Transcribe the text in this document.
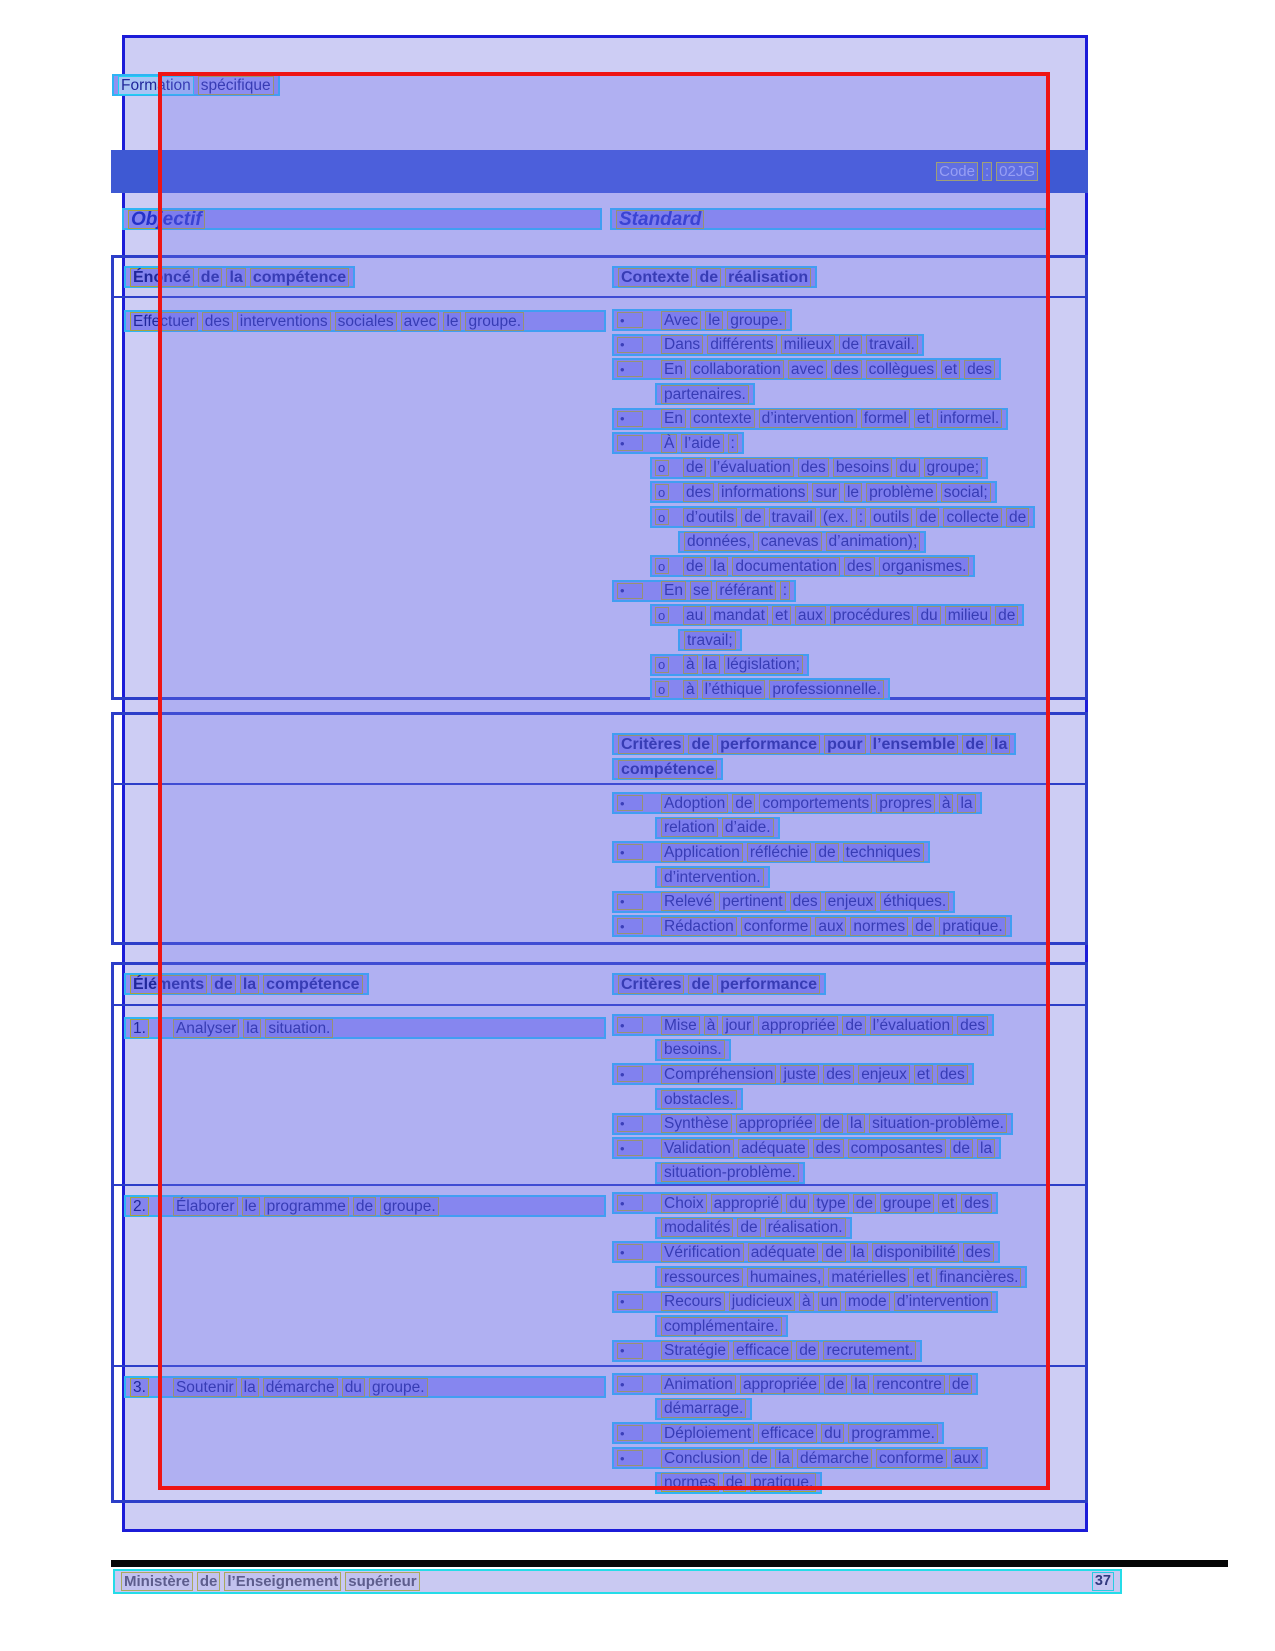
Formation spécifique
Code : 02JG
Objectif	Standard
Énoncé de la compétence	Contexte de réalisation
Effectuer des interventions sociales avec le groupe.	•	Avec le groupe.
•	Dans différents milieux de travail.
•	En collaboration avec des collègues et des
partenaires.
•	En contexte d’intervention formel et informel.
•	À l’aide :
o de l’évaluation des besoins du groupe;
o des informations sur le problème social;
o d’outils de travail (ex. : outils de collecte de
données, canevas d’animation);
o de la documentation des organismes.
•	En se référant :
o au mandat et aux procédures du milieu de
travail;
o à la législation;
o à l’éthique professionnelle.
Critères de performance pour l’ensemble de la
compétence
•	Adoption de comportements propres à la
relation d’aide.
•	Application réfléchie de techniques
d’intervention.
•	Relevé pertinent des enjeux éthiques.
•	Rédaction conforme aux normes de pratique.
Éléments de la compétence	Critères de performance
1. Analyser la situation.	•	Mise à jour appropriée de l’évaluation des
besoins.
•	Compréhension juste des enjeux et des
obstacles.
•	Synthèse appropriée de la situation-problème.
•	Validation adéquate des composantes de la
situation-problème.
2. Élaborer le programme de groupe.	•	Choix approprié du type de groupe et des
modalités de réalisation.
•	Vérification adéquate de la disponibilité des
ressources humaines, matérielles et financières.
•	Recours judicieux à un mode d’intervention
complémentaire.
•	Stratégie efficace de recrutement.
3. Soutenir la démarche du groupe.	•	Animation appropriée de la rencontre de
démarrage.
•	Déploiement efficace du programme.
•	Conclusion de la démarche conforme aux
normes de pratique.
Ministère de l’Enseignement supérieur	37
